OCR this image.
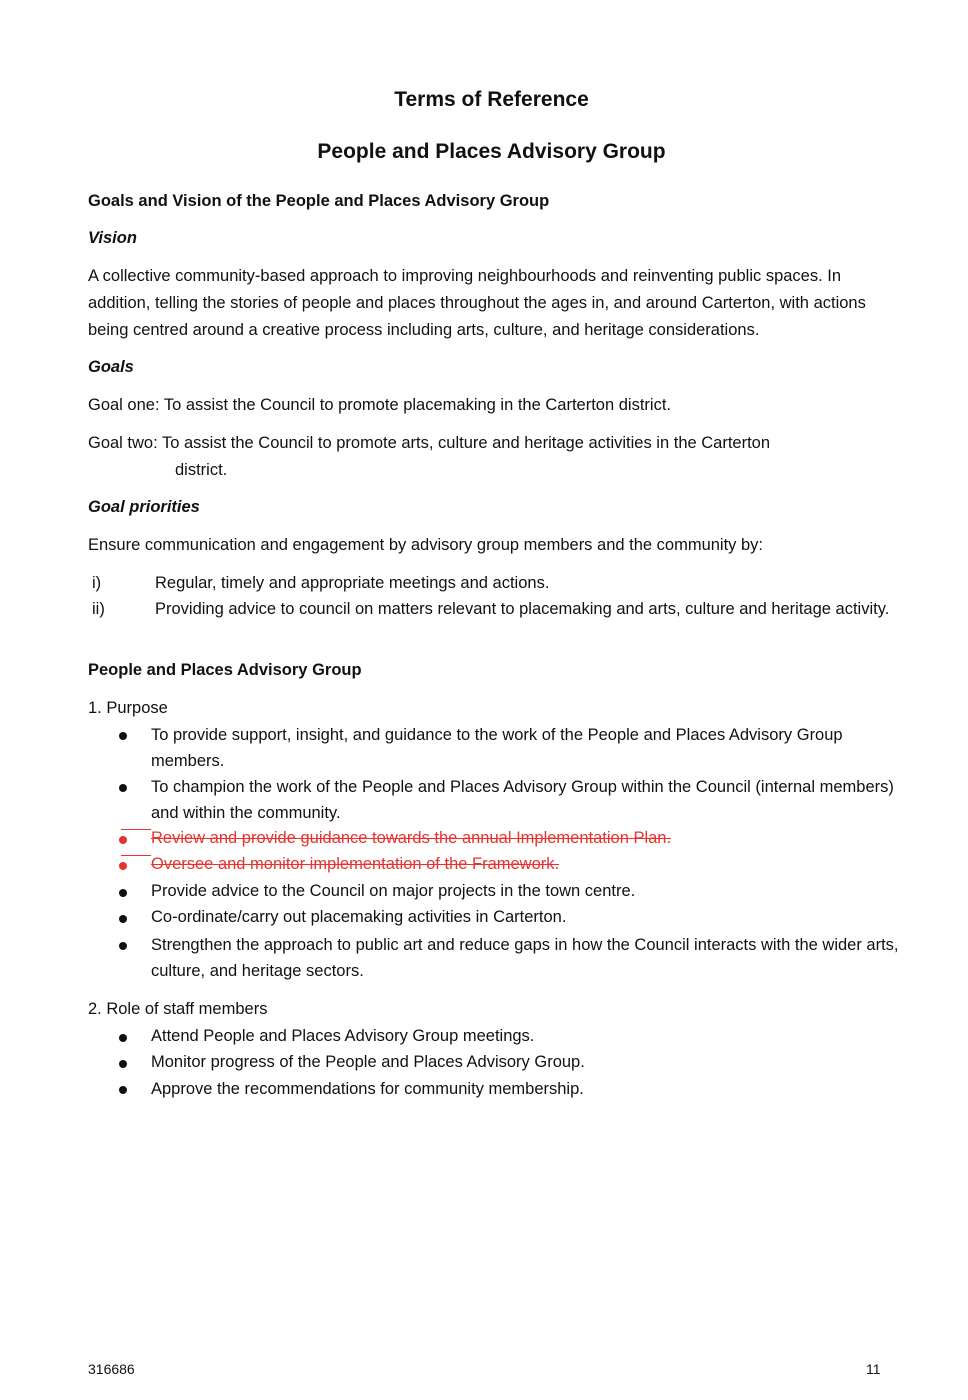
Terms of Reference
People and Places Advisory Group
Goals and Vision of the People and Places Advisory Group
Vision
A collective community-based approach to improving neighbourhoods and reinventing public spaces. In addition, telling the stories of people and places throughout the ages in, and around Carterton, with actions being centred around a creative process including arts, culture, and heritage considerations.
Goals
Goal one: To assist the Council to promote placemaking in the Carterton district.
Goal two: To assist the Council to promote arts, culture and heritage activities in the Carterton
district.
Goal priorities
Ensure communication and engagement by advisory group members and the community by:
i)	Regular, timely and appropriate meetings and actions.
ii)	Providing advice to council on matters relevant to placemaking and arts, culture and heritage activity.
People and Places Advisory Group
1. Purpose
To provide support, insight, and guidance to the work of the People and Places Advisory Group members.
To champion the work of the People and Places Advisory Group within the Council (internal members) and within the community.
Review and provide guidance towards the annual Implementation Plan.
Oversee and monitor implementation of the Framework.
Provide advice to the Council on major projects in the town centre.
Co-ordinate/carry out placemaking activities in Carterton.
Strengthen the approach to public art and reduce gaps in how the Council interacts with the wider arts, culture, and heritage sectors.
2. Role of staff members
Attend People and Places Advisory Group meetings.
Monitor progress of the People and Places Advisory Group.
Approve the recommendations for community membership.
316686	11
